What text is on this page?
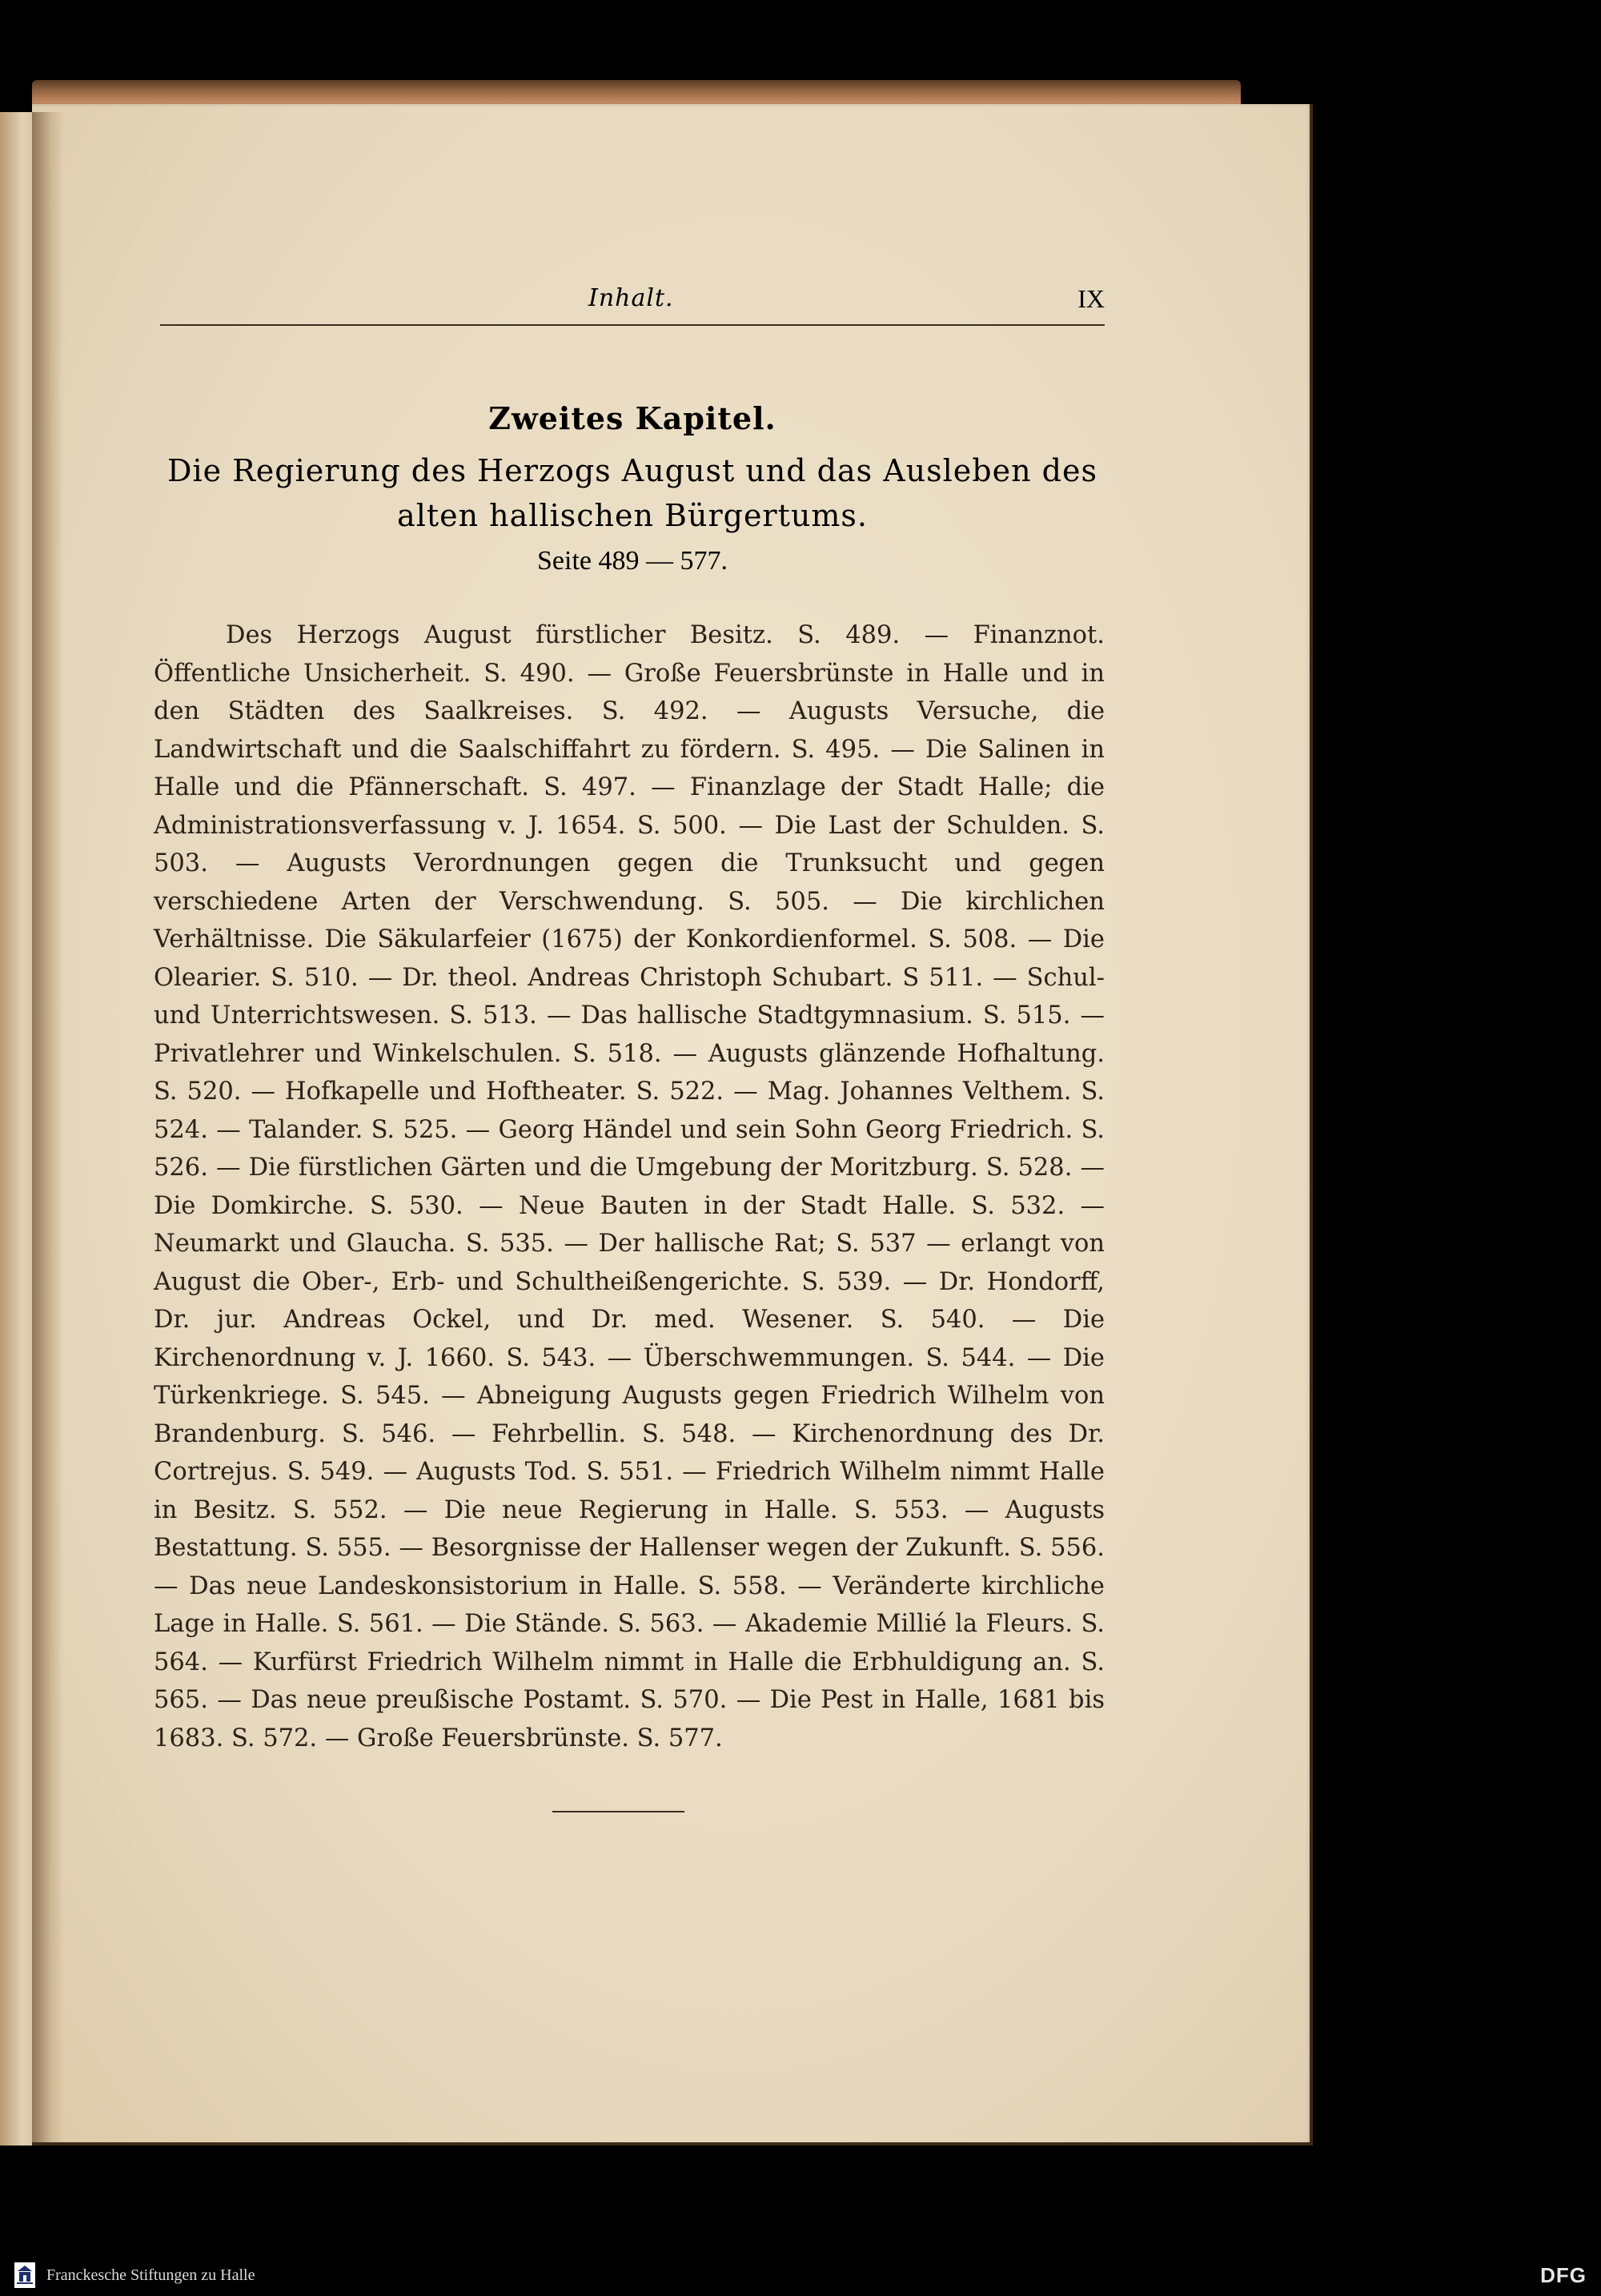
Inhalt.	IX
Zweites Kapitel.
Die Regierung des Herzogs August und das Ausleben des alten hallischen Bürgertums.
Seite 489 — 577.
Des Herzogs August fürstlicher Besitz. S. 489. — Finanznot. Öffentliche Unsicherheit. S. 490. — Große Feuersbrünste in Halle und in den Städten des Saalkreises. S. 492. — Augusts Versuche, die Landwirtschaft und die Saalschiffahrt zu fördern. S. 495. — Die Salinen in Halle und die Pfännerschaft. S. 497. — Finanzlage der Stadt Halle; die Administrationsverfassung v. J. 1654. S. 500. — Die Last der Schulden. S. 503. — Augusts Verordnungen gegen die Trunksucht und gegen verschiedene Arten der Verschwendung. S. 505. — Die kirchlichen Verhältnisse. Die Säkularfeier (1675) der Konkordienformel. S. 508. — Die Olearier. S. 510. — Dr. theol. Andreas Christoph Schubart. S 511. — Schul- und Unterrichtswesen. S. 513. — Das hallische Stadtgymnasium. S. 515. — Privatlehrer und Winkelschulen. S. 518. — Augusts glänzende Hofhaltung. S. 520. — Hofkapelle und Hoftheater. S. 522. — Mag. Johannes Velthem. S. 524. — Talander. S. 525. — Georg Händel und sein Sohn Georg Friedrich. S. 526. — Die fürstlichen Gärten und die Umgebung der Moritzburg. S. 528. — Die Domkirche. S. 530. — Neue Bauten in der Stadt Halle. S. 532. — Neumarkt und Glaucha. S. 535. — Der hallische Rat; S. 537 — erlangt von August die Ober-, Erb- und Schultheißengerichte. S. 539. — Dr. Hondorff, Dr. jur. Andreas Ockel, und Dr. med. Wesener. S. 540. — Die Kirchenordnung v. J. 1660. S. 543. — Überschwemmungen. S. 544. — Die Türkenkriege. S. 545. — Abneigung Augusts gegen Friedrich Wilhelm von Brandenburg. S. 546. — Fehrbellin. S. 548. — Kirchenordnung des Dr. Cortrejus. S. 549. — Augusts Tod. S. 551. — Friedrich Wilhelm nimmt Halle in Besitz. S. 552. — Die neue Regierung in Halle. S. 553. — Augusts Bestattung. S. 555. — Besorgnisse der Hallenser wegen der Zukunft. S. 556. — Das neue Landeskonsistorium in Halle. S. 558. — Veränderte kirchliche Lage in Halle. S. 561. — Die Stände. S. 563. — Akademie Millié la Fleurs. S. 564. — Kurfürst Friedrich Wilhelm nimmt in Halle die Erbhuldigung an. S. 565. — Das neue preußische Postamt. S. 570. — Die Pest in Halle, 1681 bis 1683. S. 572. — Große Feuersbrünste. S. 577.
Franckesche Stiftungen zu Halle	DFG
